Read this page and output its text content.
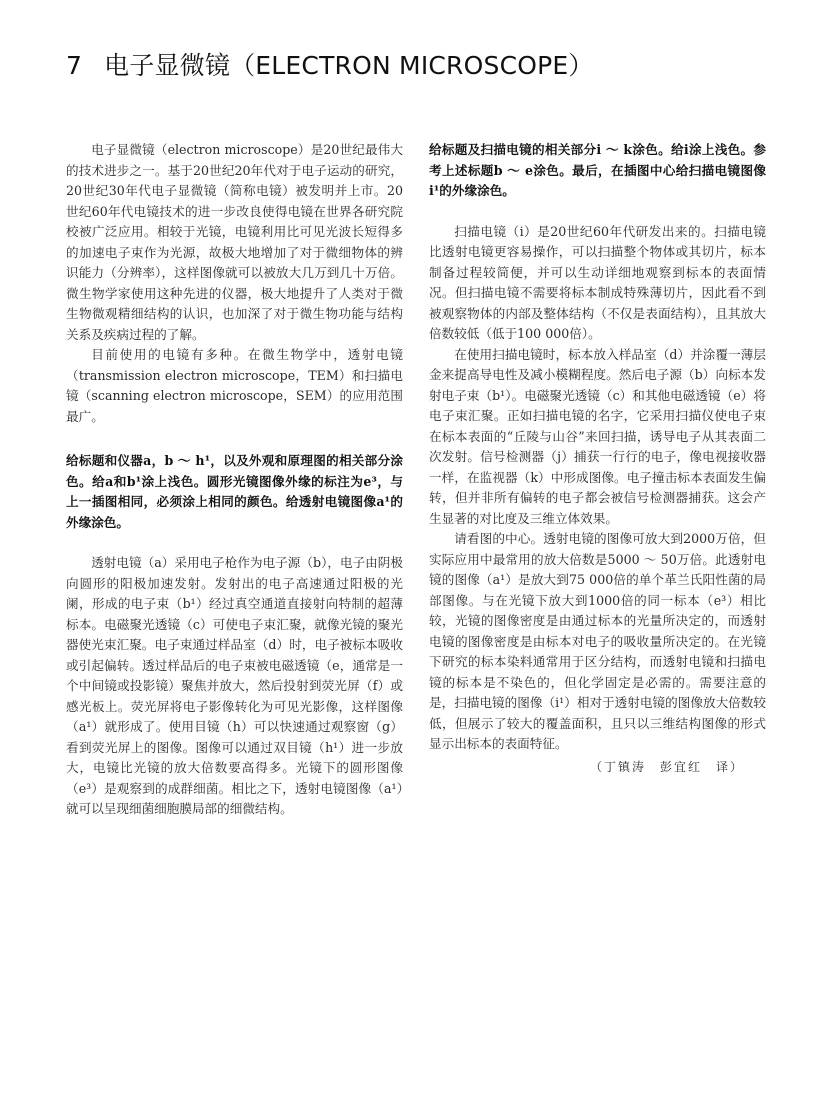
7 电子显微镜（ELECTRON MICROSCOPE）

电子显微镜（electron microscope）是20世纪最伟大的技术进步之一。基于20世纪20年代对于电子运动的研究，20世纪30年代电子显微镜（简称电镜）被发明并上市。20世纪60年代电镜技术的进一步改良使得电镜在世界各研究院校被广泛应用。相较于光镜，电镜利用比可见光波长短得多的加速电子束作为光源，故极大地增加了对于微细物体的辨识能力（分辨率），这样图像就可以被放大几万到几十万倍。微生物学家使用这种先进的仪器，极大地提升了人类对于微生物微观精细结构的认识，也加深了对于微生物功能与结构关系及疾病过程的了解。

目前使用的电镜有多种。在微生物学中，透射电镜（transmission electron microscope，TEM）和扫描电镜（scanning electron microscope，SEM）的应用范围最广。

给标题和仪器a，b ～ h¹，以及外观和原理图的相关部分涂色。给a和b¹涂上浅色。圆形光镜图像外缘的标注为e³，与上一插图相同，必须涂上相同的颜色。给透射电镜图像a¹的外缘涂色。

透射电镜（a）采用电子枪作为电子源（b），电子由阴极向圆形的阳极加速发射。发射出的电子高速通过阳极的光阑，形成的电子束（b¹）经过真空通道直接射向特制的超薄标本。电磁聚光透镜（c）可使电子束汇聚，就像光镜的聚光器使光束汇聚。电子束通过样品室（d）时，电子被标本吸收或引起偏转。透过样品后的电子束被电磁透镜（e，通常是一个中间镜或投影镜）聚焦并放大，然后投射到荧光屏（f）或感光板上。荧光屏将电子影像转化为可见光影像，这样图像（a¹）就形成了。使用目镜（h）可以快速通过观察窗（g）看到荧光屏上的图像。图像可以通过双目镜（h¹）进一步放大，电镜比光镜的放大倍数要高得多。光镜下的圆形图像（e³）是观察到的成群细菌。相比之下，透射电镜图像（a¹）就可以呈现细菌细胞膜局部的细微结构。

给标题及扫描电镜的相关部分i ～ k涂色。给i涂上浅色。参考上述标题b ～ e涂色。最后，在插图中心给扫描电镜图像i¹的外缘涂色。

扫描电镜（i）是20世纪60年代研发出来的。扫描电镜比透射电镜更容易操作，可以扫描整个物体或其切片，标本制备过程较简便，并可以生动详细地观察到标本的表面情况。但扫描电镜不需要将标本制成特殊薄切片，因此看不到被观察物体的内部及整体结构（不仅是表面结构），且其放大倍数较低（低于100 000倍）。

在使用扫描电镜时，标本放入样品室（d）并涂覆一薄层金来提高导电性及减小模糊程度。然后电子源（b）向标本发射电子束（b¹）。电磁聚光透镜（c）和其他电磁透镜（e）将电子束汇聚。正如扫描电镜的名字，它采用扫描仪使电子束在标本表面的“丘陵与山谷”来回扫描，诱导电子从其表面二次发射。信号检测器（j）捕获一行行的电子，像电视接收器一样，在监视器（k）中形成图像。电子撞击标本表面发生偏转，但并非所有偏转的电子都会被信号检测器捕获。这会产生显著的对比度及三维立体效果。

请看图的中心。透射电镜的图像可放大到2000万倍，但实际应用中最常用的放大倍数是5000 ～ 50万倍。此透射电镜的图像（a¹）是放大到75 000倍的单个革兰氏阳性菌的局部图像。与在光镜下放大到1000倍的同一标本（e³）相比较，光镜的图像密度是由通过标本的光量所决定的，而透射电镜的图像密度是由标本对电子的吸收量所决定的。在光镜下研究的标本染料通常用于区分结构，而透射电镜和扫描电镜的标本是不染色的，但化学固定是必需的。需要注意的是，扫描电镜的图像（i¹）相对于透射电镜的图像放大倍数较低，但展示了较大的覆盖面积，且只以三维结构图像的形式显示出标本的表面特征。

（丁镇涛　彭宜红　译）
